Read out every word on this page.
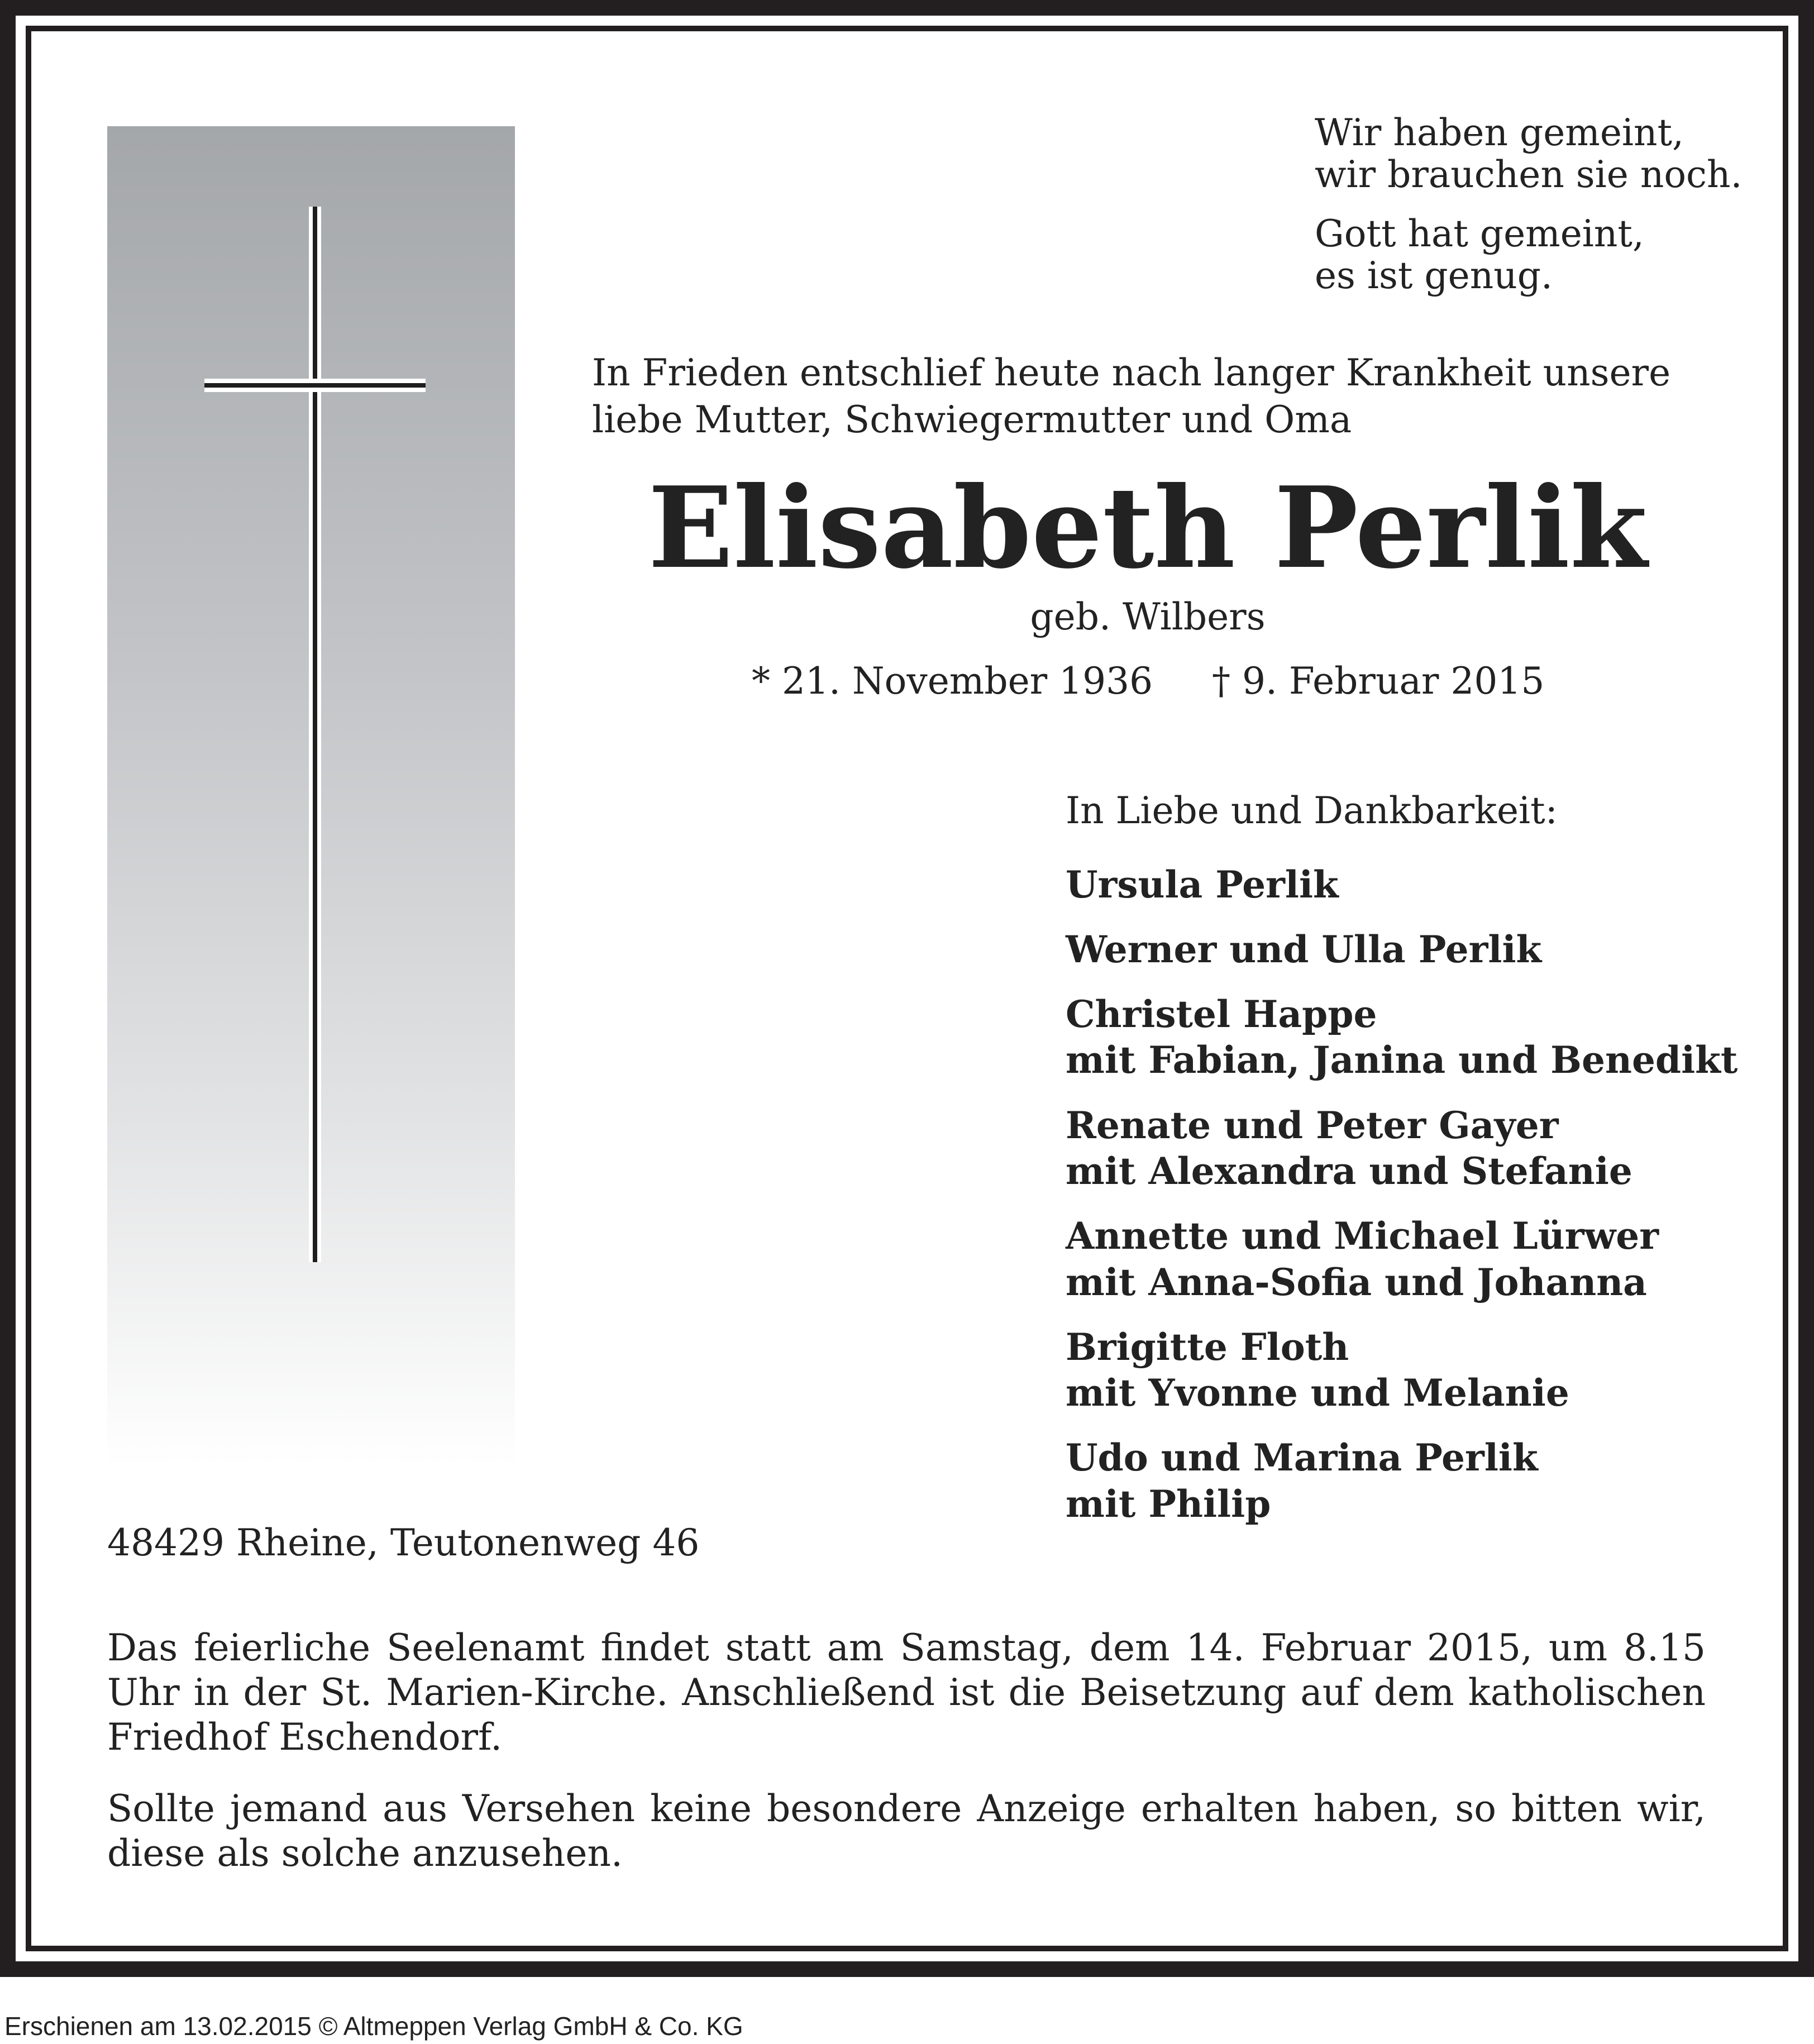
Wir haben gemeint,
wir brauchen sie noch.
Gott hat gemeint,
es ist genug.
In Frieden entschlief heute nach langer Krankheit unsere
liebe Mutter, Schwiegermutter und Oma
Elisabeth Perlik
geb. Wilbers
* 21. November 1936 † 9. Februar 2015
In Liebe und Dankbarkeit:
Ursula Perlik
Werner und Ulla Perlik
Christel Happe
mit Fabian, Janina und Benedikt
Renate und Peter Gayer
mit Alexandra und Stefanie
Annette und Michael Lürwer
mit Anna-Sofia und Johanna
Brigitte Floth
mit Yvonne und Melanie
Udo und Marina Perlik
mit Philip
48429 Rheine, Teutonenweg 46
Das feierliche Seelenamt findet statt am Samstag, dem 14. Februar 2015, um 8.15 Uhr in der St. Marien-Kirche. Anschließend ist die Beisetzung auf dem katholischen Friedhof Eschendorf.
Sollte jemand aus Versehen keine besondere Anzeige erhalten haben, so bitten wir, diese als solche anzusehen.
Erschienen am 13.02.2015 © Altmeppen Verlag GmbH & Co. KG
